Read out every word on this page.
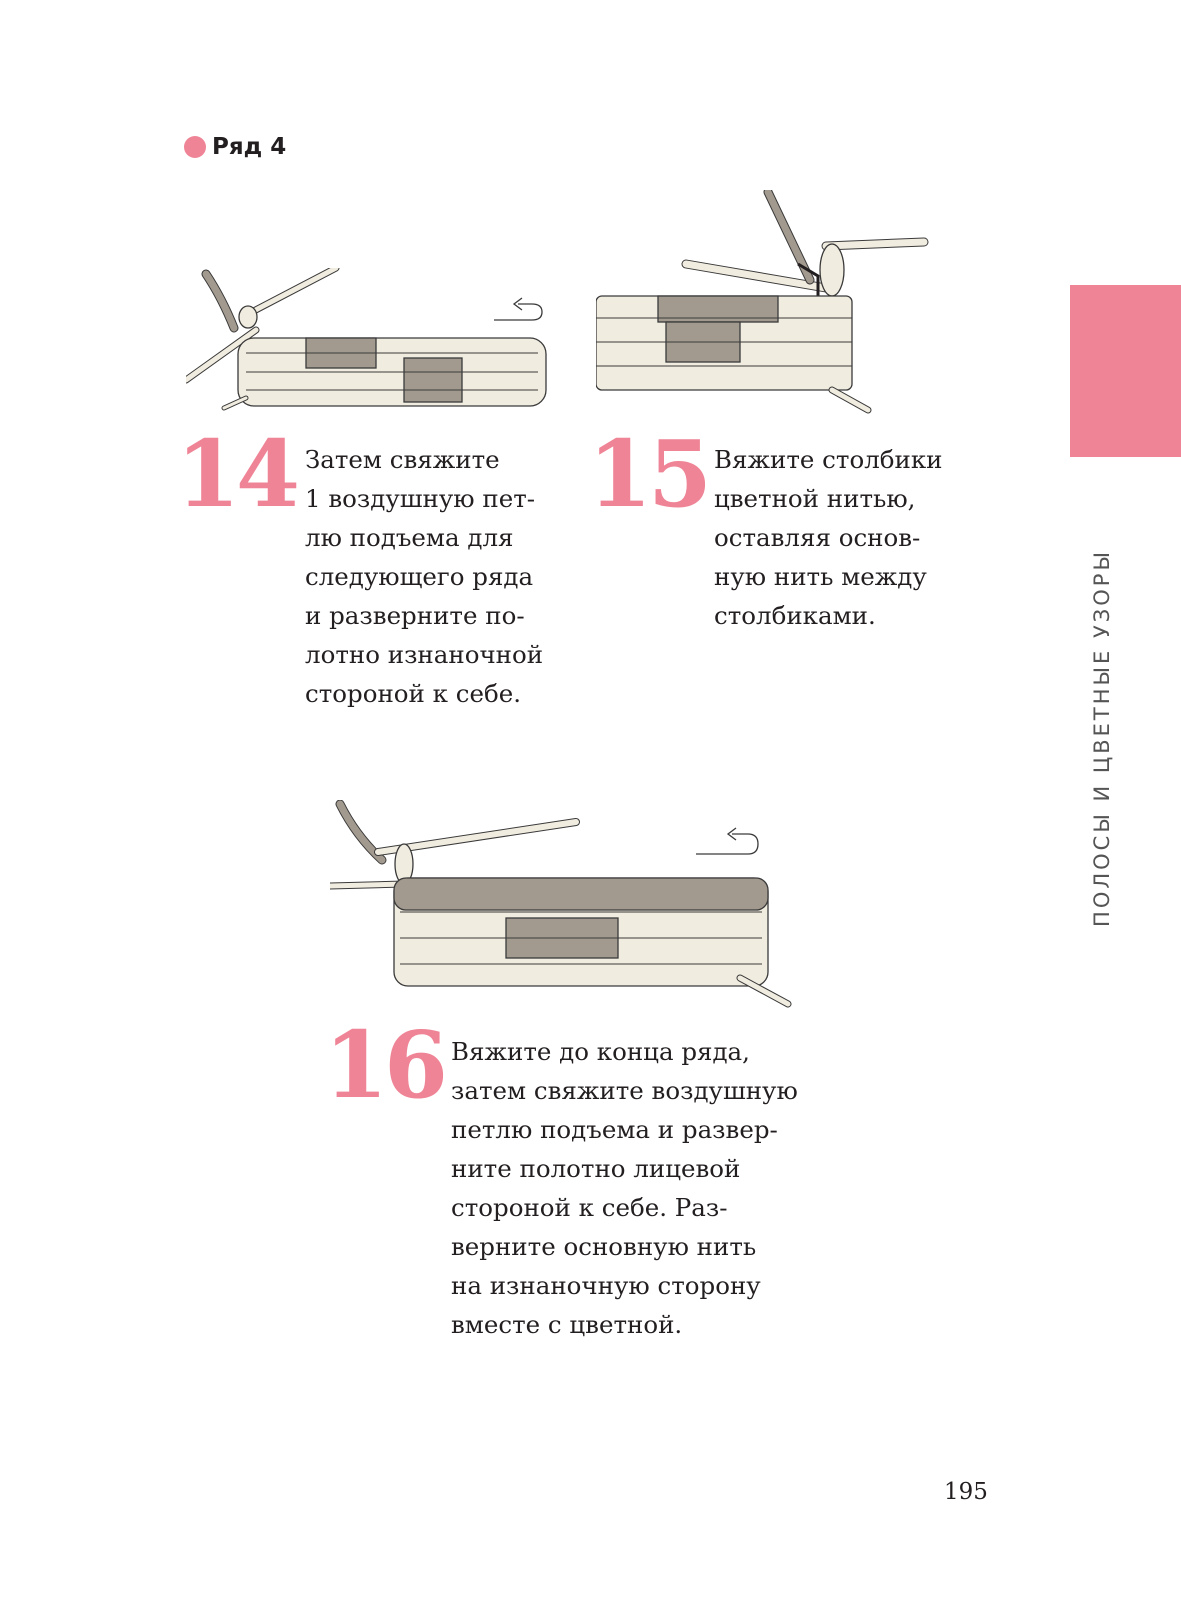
Ряд 4
ПОЛОСЫ И ЦВЕТНЫЕ УЗОРЫ
14 Затем свяжите
1 воздушную пет-
лю подъема для
следующего ряда
и разверните по-
лотно изнаночной
стороной к себе.
15 Вяжите столбики
цветной нитью,
оставляя основ-
ную нить между
столбиками.
16 Вяжите до конца ряда,
затем свяжите воздушную
петлю подъема и развер-
ните полотно лицевой
стороной к себе. Раз-
верните основную нить
на изнаночную сторону
вместе с цветной.
195
